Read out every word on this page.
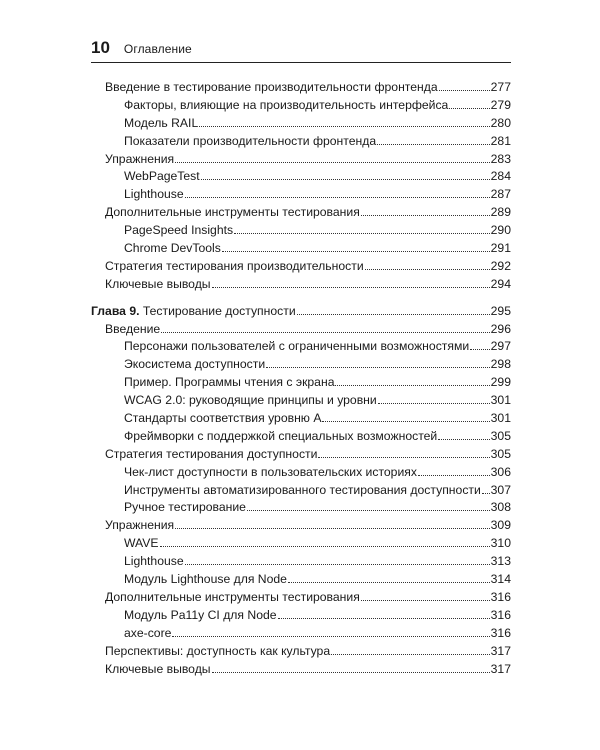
10 Оглавление
Введение в тестирование производительности фронтенда	277
Факторы, влияющие на производительность интерфейса	279
Модель RAIL	280
Показатели производительности фронтенда	281
Упражнения	283
WebPageTest	284
Lighthouse	287
Дополнительные инструменты тестирования	289
PageSpeed Insights	290
Chrome DevTools	291
Стратегия тестирования производительности	292
Ключевые выводы	294
Глава 9. Тестирование доступности	295
Введение	296
Персонажи пользователей с ограниченными возможностями 297
Экосистема доступности	298
Пример. Программы чтения с экрана	299
WCAG 2.0: руководящие принципы и уровни	301
Стандарты соответствия уровню A	301
Фреймворки с поддержкой специальных возможностей	305
Стратегия тестирования доступности	305
Чек-лист доступности в пользовательских историях	306
Инструменты автоматизированного тестирования доступности 307
Ручное тестирование	308
Упражнения	309
WAVE	310
Lighthouse	313
Модуль Lighthouse для Node	314
Дополнительные инструменты тестирования	316
Модуль Pa11y CI для Node	316
axe-core	316
Перспективы: доступность как культура	317
Ключевые выводы	317
